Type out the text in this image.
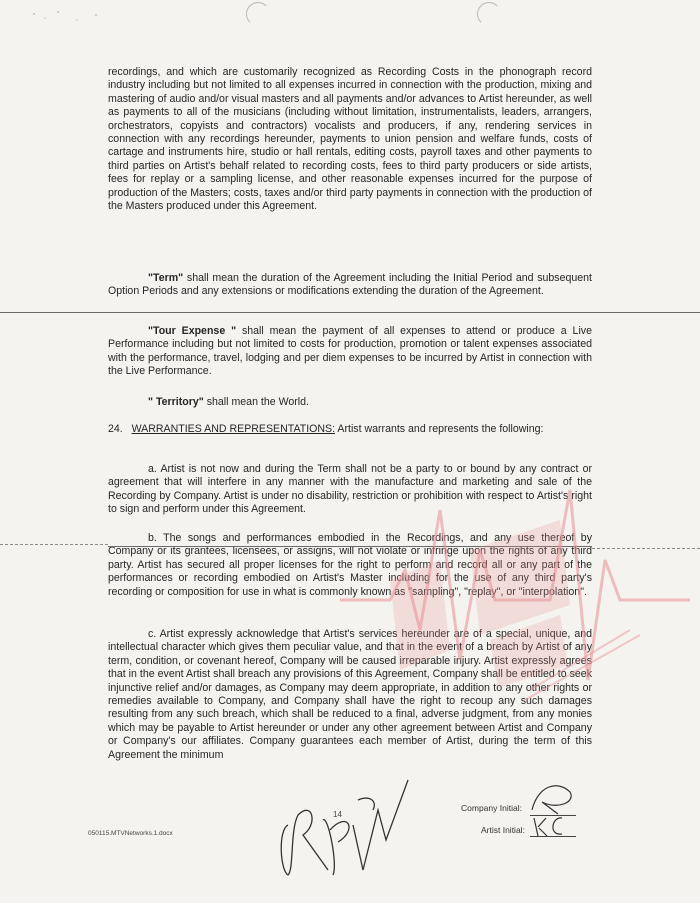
recordings, and which are customarily recognized as Recording Costs in the phonograph record industry including but not limited to all expenses incurred in connection with the production, mixing and mastering of audio and/or visual masters and all payments and/or advances to Artist hereunder, as well as payments to all of the musicians (including without limitation, instrumentalists, leaders, arrangers, orchestrators, copyists and contractors) vocalists and producers, if any, rendering services in connection with any recordings hereunder, payments to union pension and welfare funds, costs of cartage and instruments hire, studio or hall rentals, editing costs, payroll taxes and other payments to third parties on Artist's behalf related to recording costs, fees to third party producers or side artists, fees for replay or a sampling license, and other reasonable expenses incurred for the purpose of production of the Masters; costs, taxes and/or third party payments in connection with the production of the Masters produced under this Agreement.

"Term" shall mean the duration of the Agreement including the Initial Period and subsequent Option Periods and any extensions or modifications extending the duration of the Agreement.

"Tour Expense " shall mean the payment of all expenses to attend or produce a Live Performance including but not limited to costs for production, promotion or talent expenses associated with the performance, travel, lodging and per diem expenses to be incurred by Artist in connection with the Live Performance.

" Territory" shall mean the World.

24. WARRANTIES AND REPRESENTATIONS: Artist warrants and represents the following:

a. Artist is not now and during the Term shall not be a party to or bound by any contract or agreement that will interfere in any manner with the manufacture and marketing and sale of the Recording by Company. Artist is under no disability, restriction or prohibition with respect to Artist's right to sign and perform under this Agreement.

b. The songs and performances embodied in the Recordings, and any use thereof by Company or its grantees, licensees, or assigns, will not violate or infringe upon the rights of any third party. Artist has secured all proper licenses for the right to perform and record all or any part of the performances or recording embodied on Artist's Master including for the use of any third party's recording or composition for use in what is commonly known as "sampling", "replay", or "interpolation".

c. Artist expressly acknowledge that Artist's services hereunder are of a special, unique, and intellectual character which gives them peculiar value, and that in the event of a breach by Artist of any term, condition, or covenant hereof, Company will be caused irreparable injury. Artist expressly agrees that in the event Artist shall breach any provisions of this Agreement, Company shall be entitled to seek injunctive relief and/or damages, as Company may deem appropriate, in addition to any other rights or remedies available to Company, and Company shall have the right to recoup any such damages resulting from any such breach, which shall be reduced to a final, adverse judgment, from any monies which may be payable to Artist hereunder or under any other agreement between Artist and Company or Company's our affiliates. Company guarantees each member of Artist, during the term of this Agreement the minimum

14
050115.MTVNetworks.1.docx
Company Initial:
Artist Initial:
